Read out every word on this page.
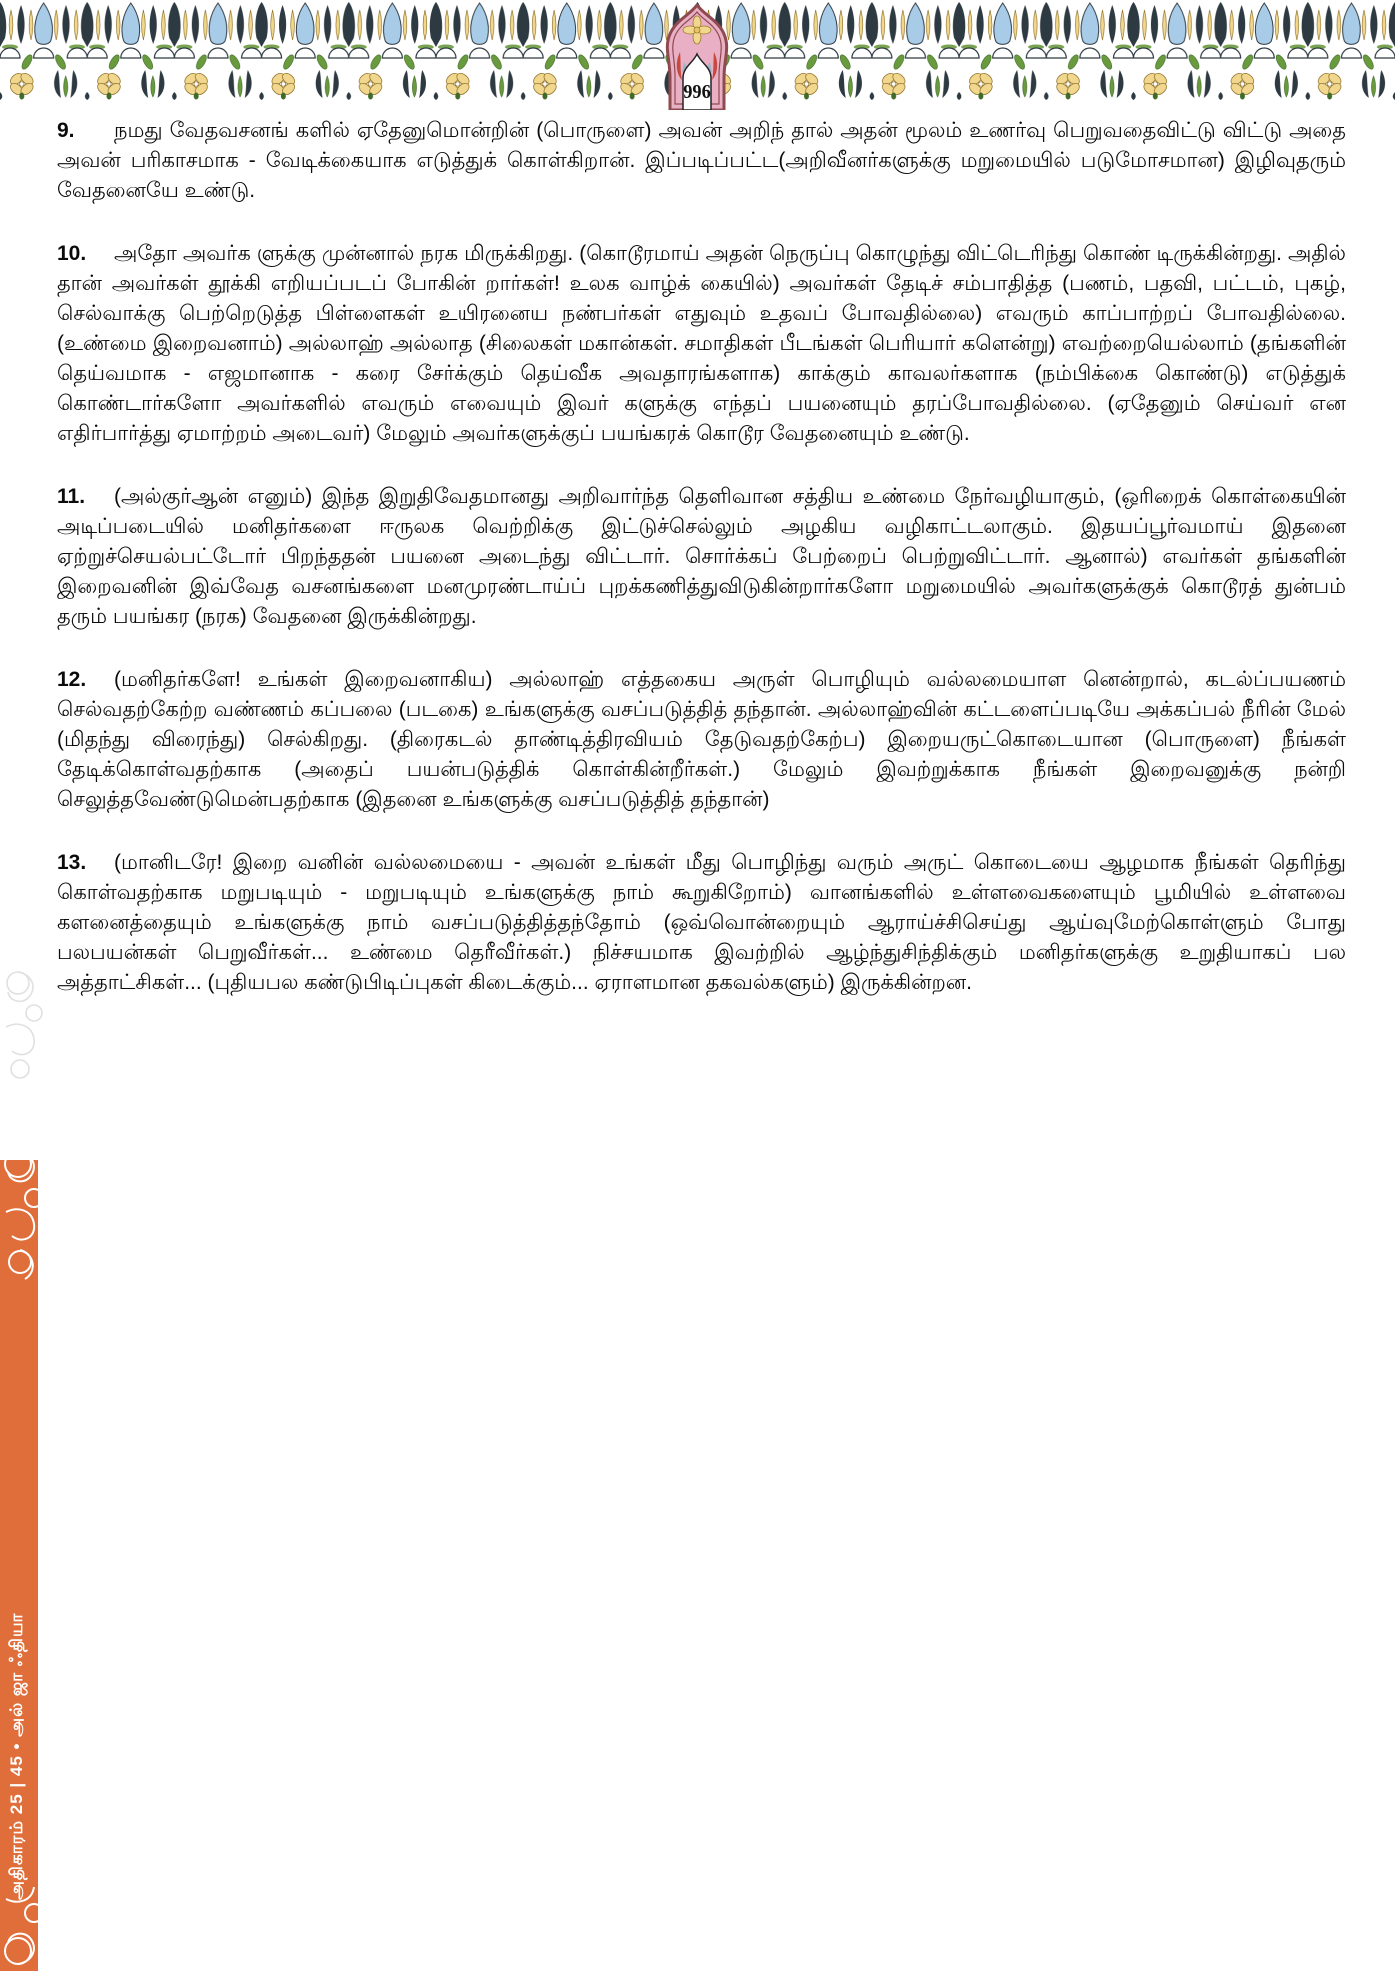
996

9. நமது வேதவசனங் களில் ஏதேனுமொன்றின் (பொருளை) அவன் அறிந் தால் அதன் மூலம் உணர்வு பெறுவதைவிட்டு விட்டு அதை அவன் பரிகாசமாக - வேடிக்கையாக எடுத்துக் கொள்கிறான். இப்படிப்பட்ட(அறிவீனர்களுக்கு மறுமையில் படுமோசமான) இழிவுதரும் வேதனையே உண்டு.

10. அதோ அவர்க ளுக்கு முன்னால் நரக மிருக்கிறது. (கொடூரமாய் அதன் நெருப்பு கொழுந்து விட்டெரிந்து கொண் டிருக்கின்றது. அதில் தான் அவர்கள் தூக்கி எறியப்படப் போகின் றார்கள்! உலக வாழ்க் கையில்) அவர்கள் தேடிச் சம்பாதித்த (பணம், பதவி, பட்டம், புகழ், செல்வாக்கு பெற்றெடுத்த பிள்ளைகள் உயிரனைய நண்பர்கள் எதுவும் உதவப் போவதில்லை) எவரும் காப்பாற்றப் போவதில்லை. (உண்மை இறைவனாம்) அல்லாஹ் அல்லாத (சிலைகள் மகான்கள். சமாதிகள் பீடங்கள் பெரியார் களென்று) எவற்றையெல்லாம் (தங்களின் தெய்வமாக - எஜமானாக - கரை சேர்க்கும் தெய்வீக அவதாரங்களாக) காக்கும் காவலர்களாக (நம்பிக்கை கொண்டு) எடுத்துக் கொண்டார்களோ அவர்களில் எவரும் எவையும் இவர் களுக்கு எந்தப் பயனையும் தரப்போவதில்லை. (ஏதேனும் செய்வர் என எதிர்பார்த்து ஏமாற்றம் அடைவர்) மேலும் அவர்களுக்குப் பயங்கரக் கொடூர வேதனையும் உண்டு.

11. (அல்குர்ஆன் எனும்) இந்த இறுதிவேதமானது அறிவார்ந்த தெளிவான சத்திய உண்மை நேர்வழியாகும், (ஒரிறைக் கொள்கையின் அடிப்படையில் மனிதர்களை ஈருலக வெற்றிக்கு இட்டுச்செல்லும் அழகிய வழிகாட்டலாகும். இதயப்பூர்வமாய் இதனை ஏற்றுச்செயல்பட்டோர் பிறந்ததன் பயனை அடைந்து விட்டார். சொர்க்கப் பேற்றைப் பெற்றுவிட்டார். ஆனால்) எவர்கள் தங்களின் இறைவனின் இவ்வேத வசனங்களை மனமுரண்டாய்ப் புறக்கணித்துவிடுகின்றார்களோ மறுமையில் அவர்களுக்குக் கொடூரத் துன்பம் தரும் பயங்கர (நரக) வேதனை இருக்கின்றது.

12. (மனிதர்களே! உங்கள் இறைவனாகிய) அல்லாஹ் எத்தகைய அருள் பொழியும் வல்லமையாள னென்றால், கடல்ப்பயணம் செல்வதற்கேற்ற வண்ணம் கப்பலை (படகை) உங்களுக்கு வசப்படுத்தித் தந்தான். அல்லாஹ்வின் கட்டளைப்படியே அக்கப்பல் நீரின் மேல் (மிதந்து விரைந்து) செல்கிறது. (திரைகடல் தாண்டித்திரவியம் தேடுவதற்கேற்ப) இறையருட்கொடையான (பொருளை) நீங்கள் தேடிக்கொள்வதற்காக (அதைப் பயன்படுத்திக் கொள்கின்றீர்கள்.) மேலும் இவற்றுக்காக நீங்கள் இறைவனுக்கு நன்றி செலுத்தவேண்டுமென்பதற்காக (இதனை உங்களுக்கு வசப்படுத்தித் தந்தான்)

13. (மானிடரே! இறை வனின் வல்லமையை - அவன் உங்கள் மீது பொழிந்து வரும் அருட் கொடையை ஆழமாக நீங்கள் தெரிந்து கொள்வதற்காக மறுபடியும் - மறுபடியும் உங்களுக்கு நாம் கூறுகிறோம்) வானங்களில் உள்ளவைகளையும் பூமியில் உள்ளவை களனைத்தையும் உங்களுக்கு நாம் வசப்படுத்தித்தந்தோம் (ஒவ்வொன்றையும் ஆராய்ச்சிசெய்து ஆய்வுமேற்கொள்ளும் போது பலபயன்கள் பெறுவீர்கள்... உண்மை தெரீவீர்கள்.) நிச்சயமாக இவற்றில் ஆழ்ந்துசிந்திக்கும் மனிதர்களுக்கு உறுதியாகப் பல அத்தாட்சிகள்... (புதியபல கண்டுபிடிப்புகள் கிடைக்கும்... ஏராளமான தகவல்களும்) இருக்கின்றன.

அதிகாரம் 25 | 45 • அல் ஜா ஃதியா
